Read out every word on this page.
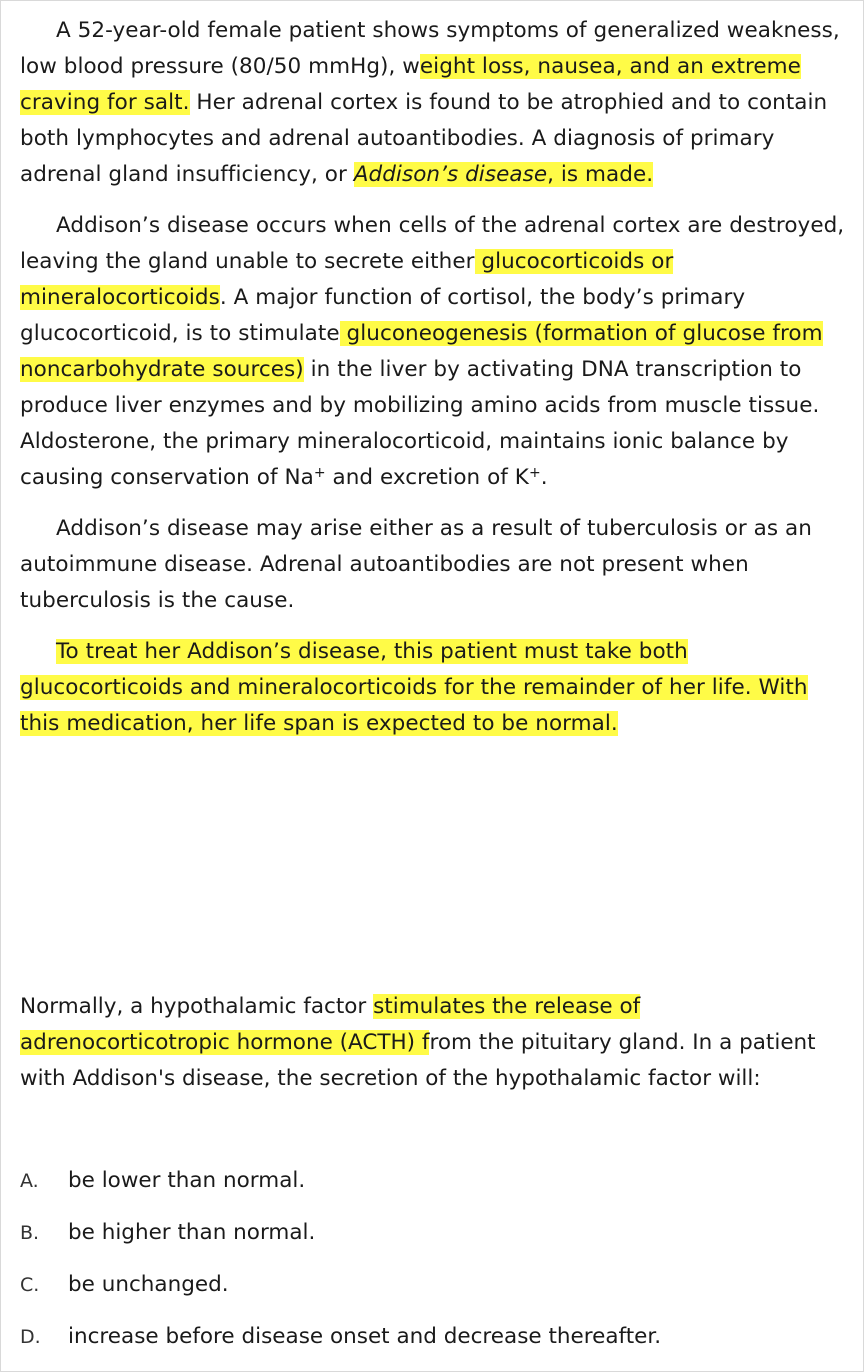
A 52-year-old female patient shows symptoms of generalized weakness, low blood pressure (80/50 mmHg), weight loss, nausea, and an extreme craving for salt. Her adrenal cortex is found to be atrophied and to contain both lymphocytes and adrenal autoantibodies. A diagnosis of primary adrenal gland insufficiency, or Addison’s disease, is made.

Addison’s disease occurs when cells of the adrenal cortex are destroyed, leaving the gland unable to secrete either glucocorticoids or mineralocorticoids. A major function of cortisol, the body’s primary glucocorticoid, is to stimulate gluconeogenesis (formation of glucose from noncarbohydrate sources) in the liver by activating DNA transcription to produce liver enzymes and by mobilizing amino acids from muscle tissue. Aldosterone, the primary mineralocorticoid, maintains ionic balance by causing conservation of Na+ and excretion of K+.

Addison’s disease may arise either as a result of tuberculosis or as an autoimmune disease. Adrenal autoantibodies are not present when tuberculosis is the cause.

To treat her Addison’s disease, this patient must take both glucocorticoids and mineralocorticoids for the remainder of her life. With this medication, her life span is expected to be normal.

Normally, a hypothalamic factor stimulates the release of adrenocorticotropic hormone (ACTH) from the pituitary gland. In a patient with Addison's disease, the secretion of the hypothalamic factor will:

A.	be lower than normal.
B.	be higher than normal.
C.	be unchanged.
D.	increase before disease onset and decrease thereafter.
